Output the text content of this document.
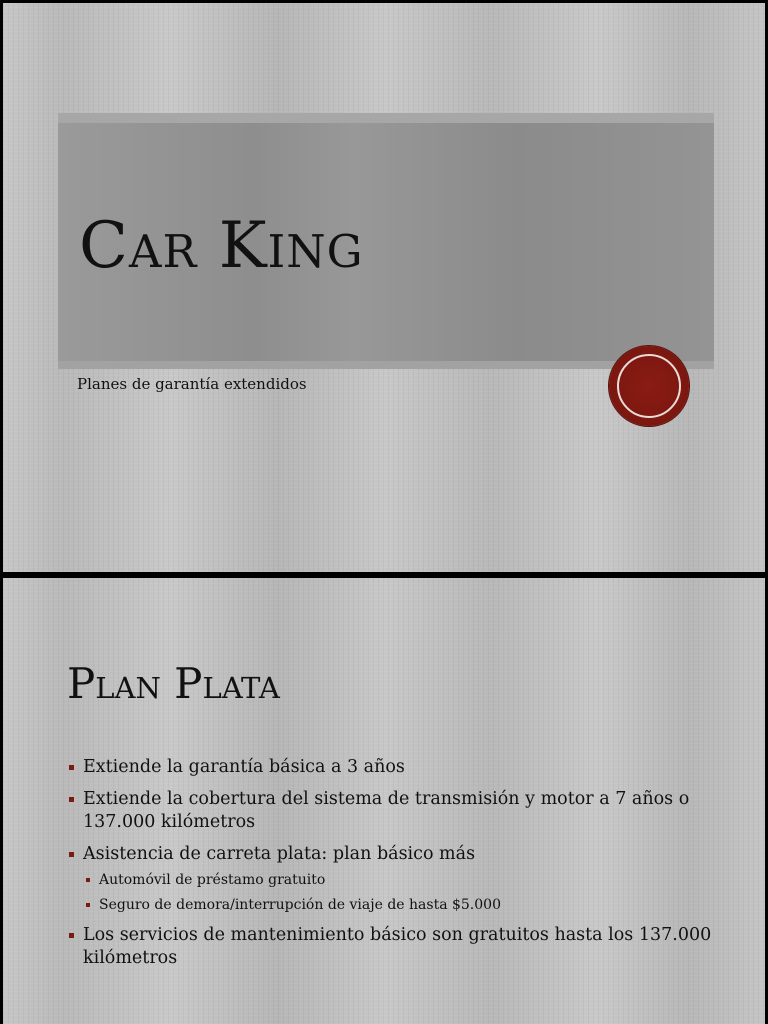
Car King
Planes de garantía extendidos
Plan Plata
Extiende la garantía básica a 3 años
Extiende la cobertura del sistema de transmisión y motor a 7 años o 137.000 kilómetros
Asistencia de carreta plata: plan básico más
Automóvil de préstamo gratuito
Seguro de demora/interrupción de viaje de hasta $5.000
Los servicios de mantenimiento básico son gratuitos hasta los 137.000 kilómetros
